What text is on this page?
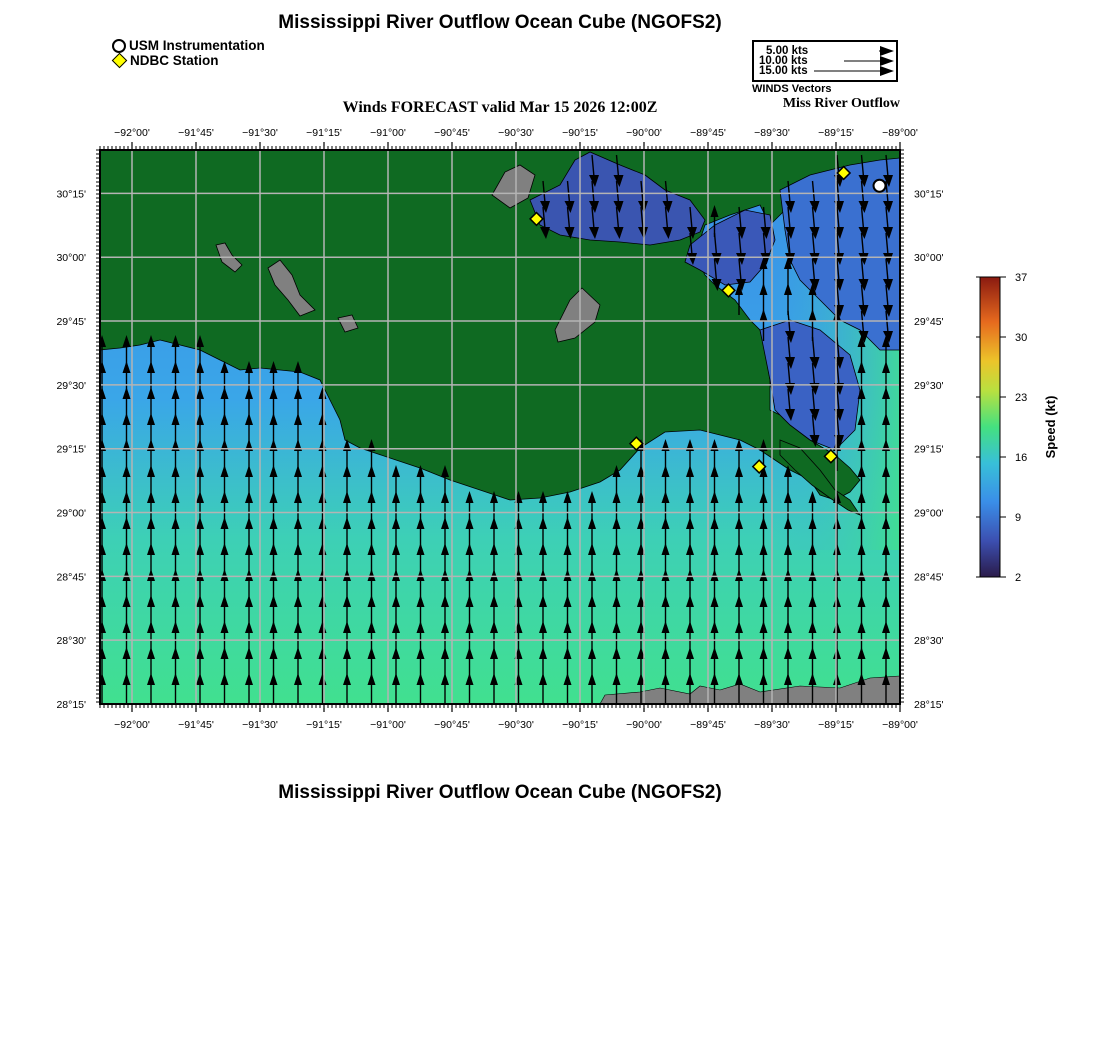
Mississippi River Outflow Ocean Cube (NGOFS2)
USM Instrumentation
NDBC Station
5.00 kts
10.00 kts
15.00 kts
WINDS Vectors
Winds FORECAST valid Mar 15 2026 12:00Z	Miss River Outflow
−92°00'
−92°00'
−91°45'
−91°45'
−91°30'
−91°30'
−91°15'
−91°15'
−91°00'
−91°00'
−90°45'
−90°45'
−90°30'
−90°30'
−90°15'
−90°15'
−90°00'
−90°00'
−89°45'
−89°45'
−89°30'
−89°30'
−89°15'
−89°15'
−89°00'
−89°00'
30°15'	30°15'
30°00'	30°00'
29°45'	29°45'
29°30'	29°30'
29°15'	29°15'
29°00'	29°00'
28°45'	28°45'
28°30'	28°30'
28°15'	28°15'
37
30
23
16
9
2
Speed (kt)
Mississippi River Outflow Ocean Cube (NGOFS2)
